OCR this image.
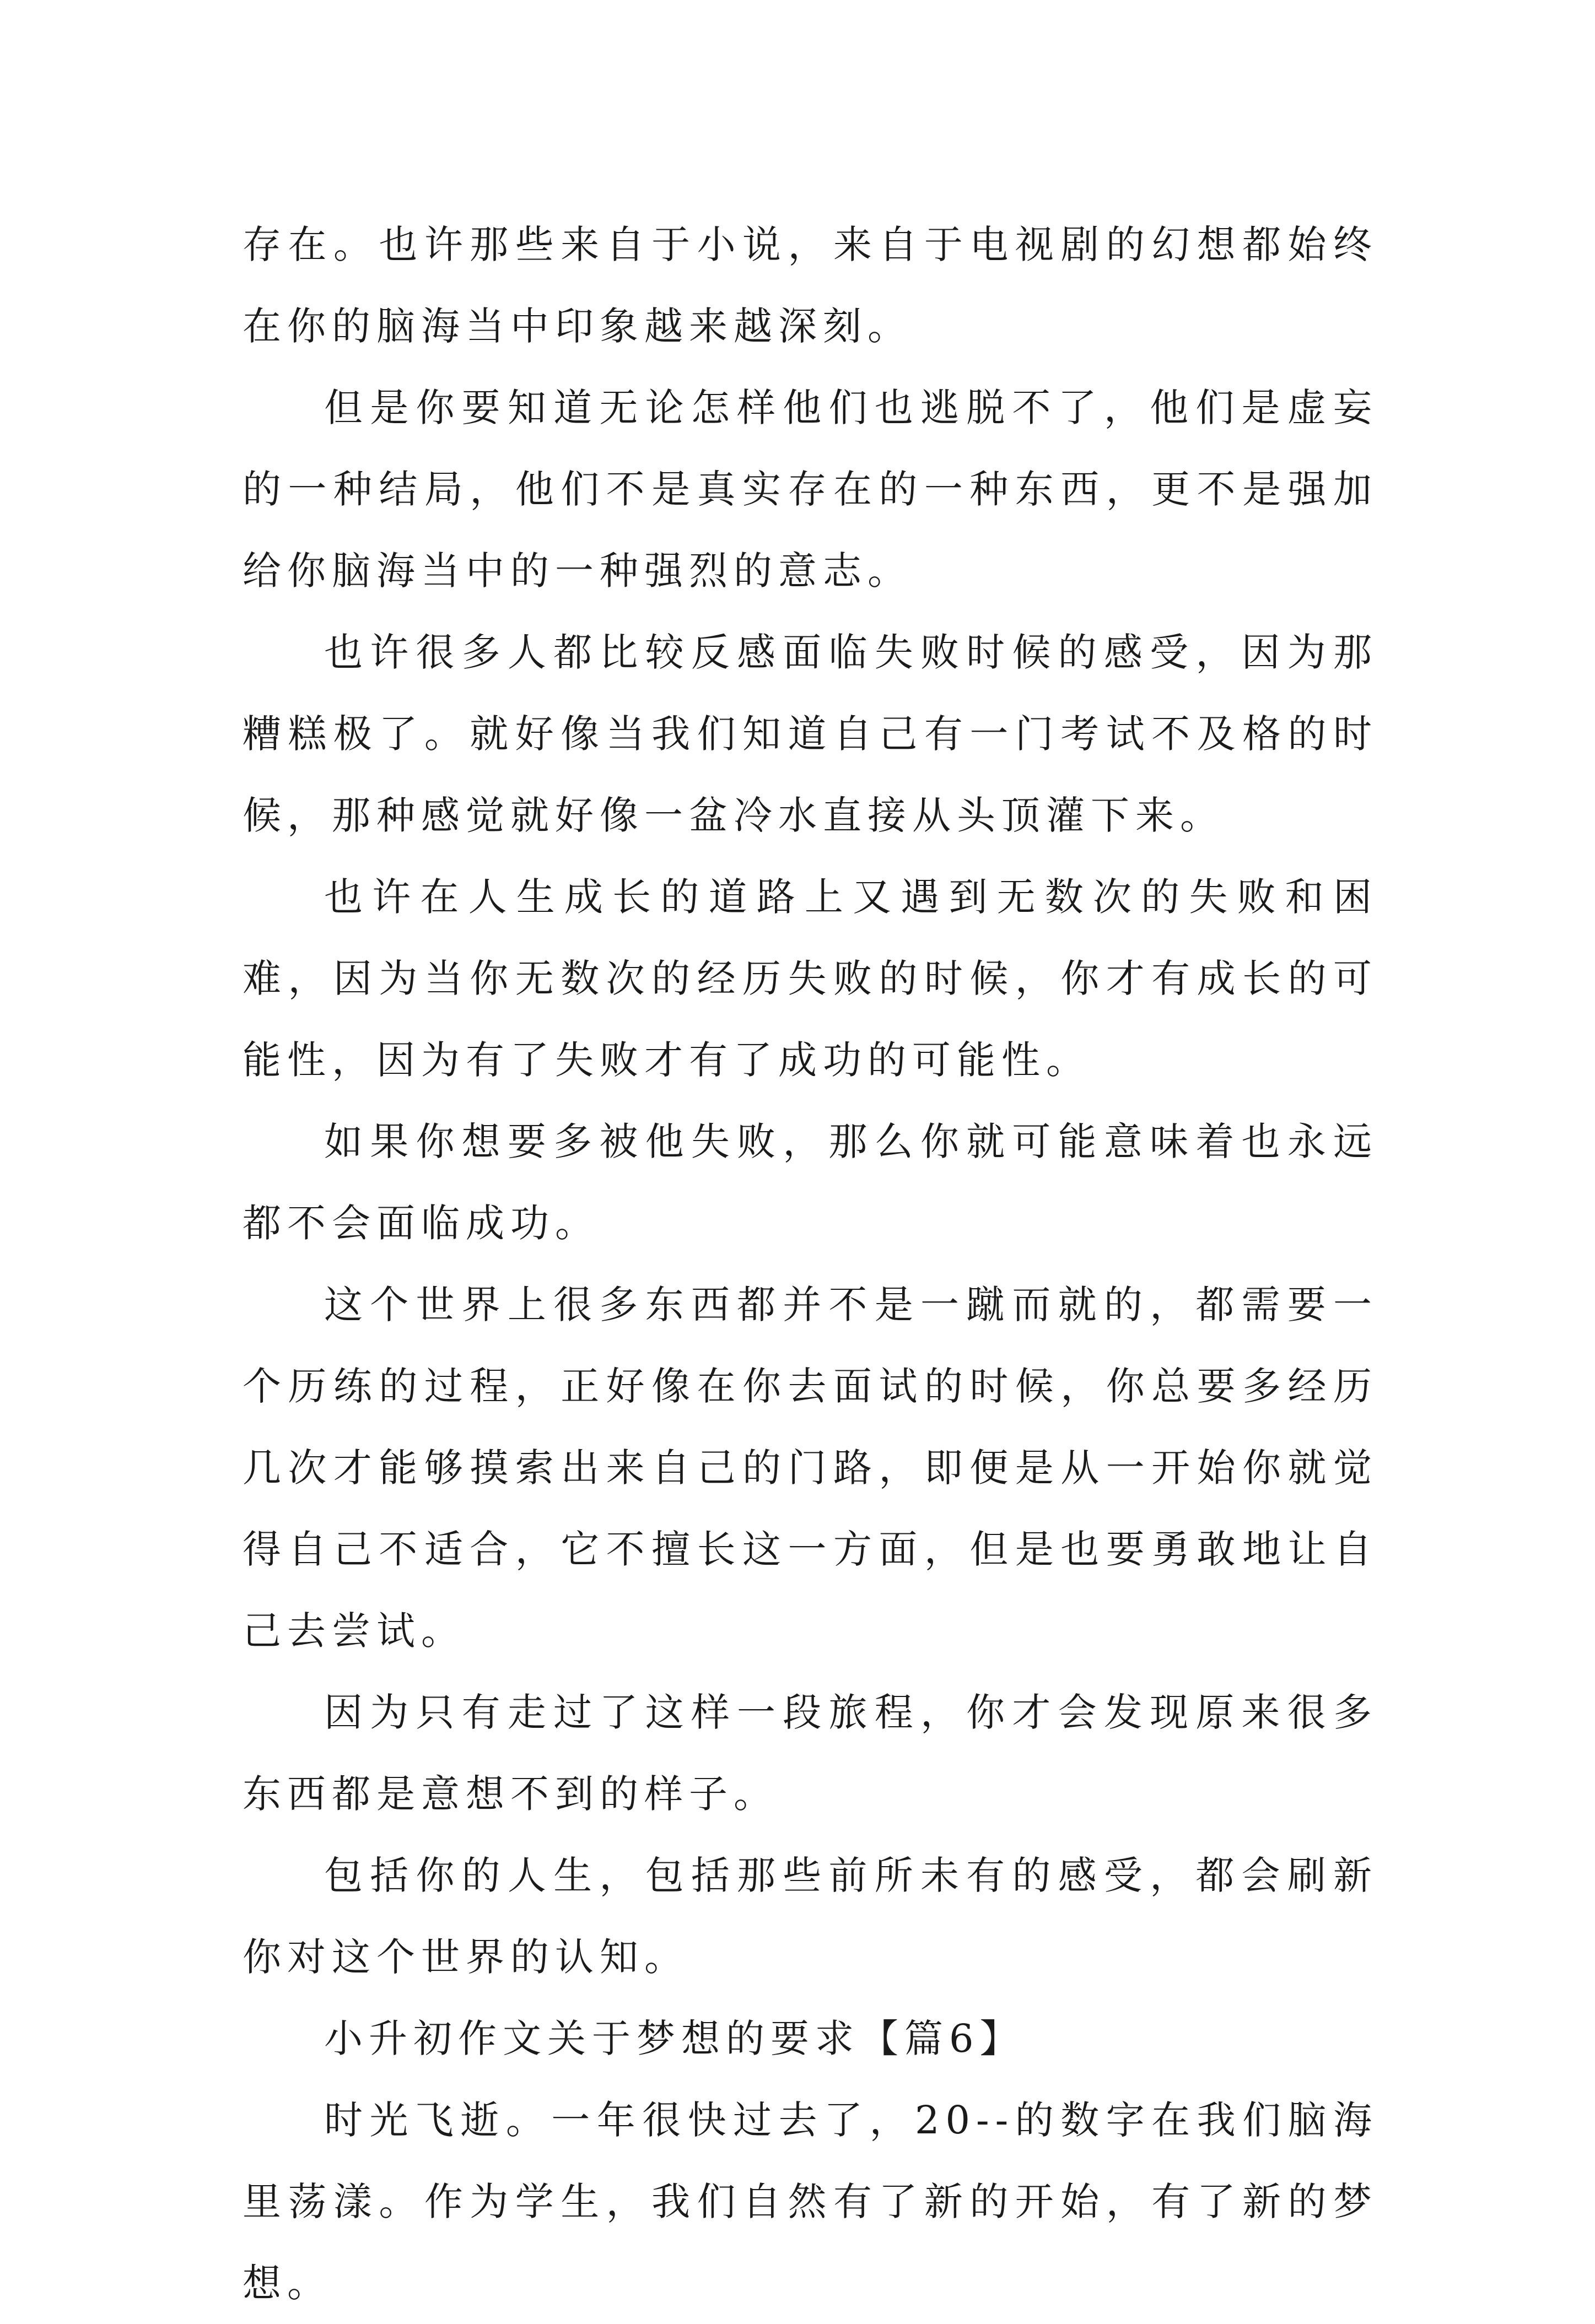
存在。也许那些来自于小说，来自于电视剧的幻想都始终在你的脑海当中印象越来越深刻。

但是你要知道无论怎样他们也逃脱不了，他们是虚妄的一种结局，他们不是真实存在的一种东西，更不是强加给你脑海当中的一种强烈的意志。

也许很多人都比较反感面临失败时候的感受，因为那糟糕极了。就好像当我们知道自己有一门考试不及格的时候，那种感觉就好像一盆冷水直接从头顶灌下来。

也许在人生成长的道路上又遇到无数次的失败和困难，因为当你无数次的经历失败的时候，你才有成长的可能性，因为有了失败才有了成功的可能性。

如果你想要多被他失败，那么你就可能意味着也永远都不会面临成功。

这个世界上很多东西都并不是一蹴而就的，都需要一个历练的过程，正好像在你去面试的时候，你总要多经历几次才能够摸索出来自己的门路，即便是从一开始你就觉得自己不适合，它不擅长这一方面，但是也要勇敢地让自己去尝试。

因为只有走过了这样一段旅程，你才会发现原来很多东西都是意想不到的样子。

包括你的人生，包括那些前所未有的感受，都会刷新你对这个世界的认知。

小升初作文关于梦想的要求【篇6】

时光飞逝。一年很快过去了，20--的数字在我们脑海里荡漾。作为学生，我们自然有了新的开始，有了新的梦想。
